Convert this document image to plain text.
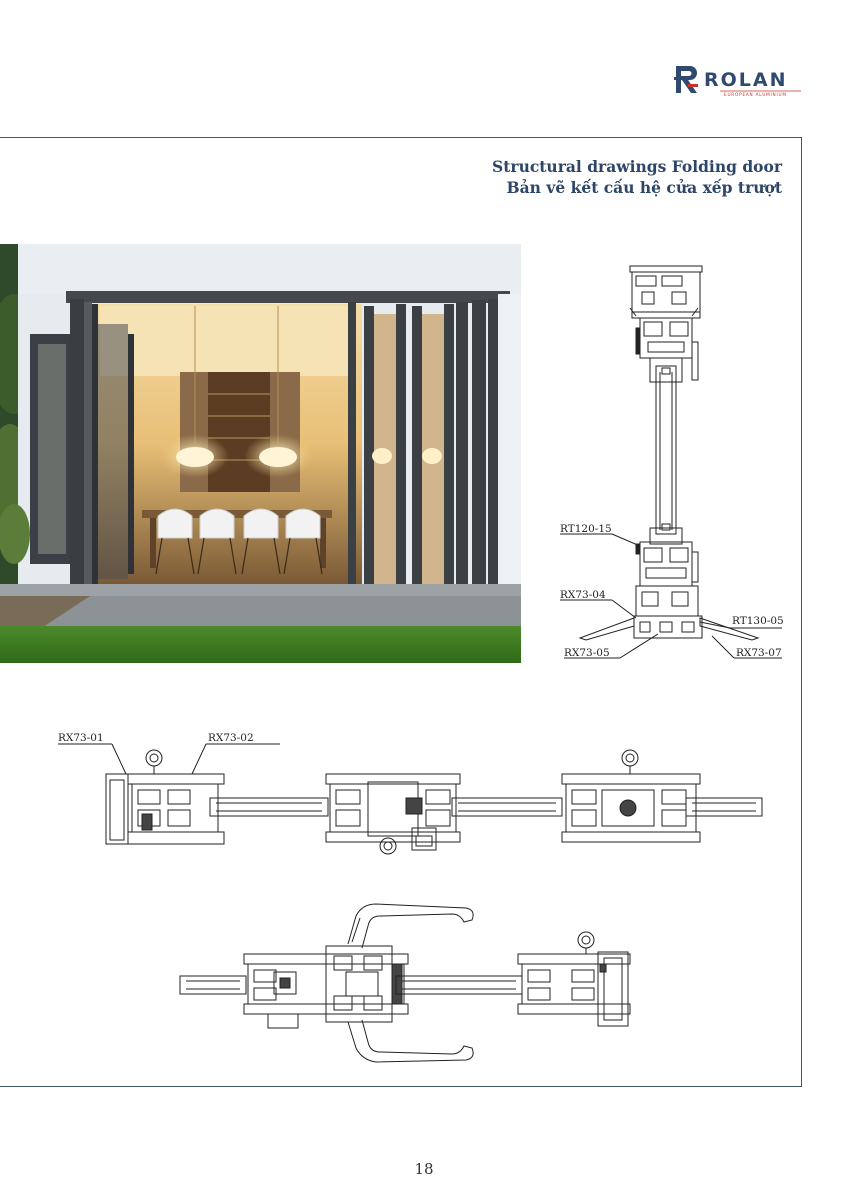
ROLAN
EUROPEAN ALUMINIUM
Structural drawings Folding door
Bản vẽ kết cấu hệ cửa xếp trượt
RT120-15
RX73-04
RT130-05
RX73-05	RX73-07
RX73-01	RX73-02
18
